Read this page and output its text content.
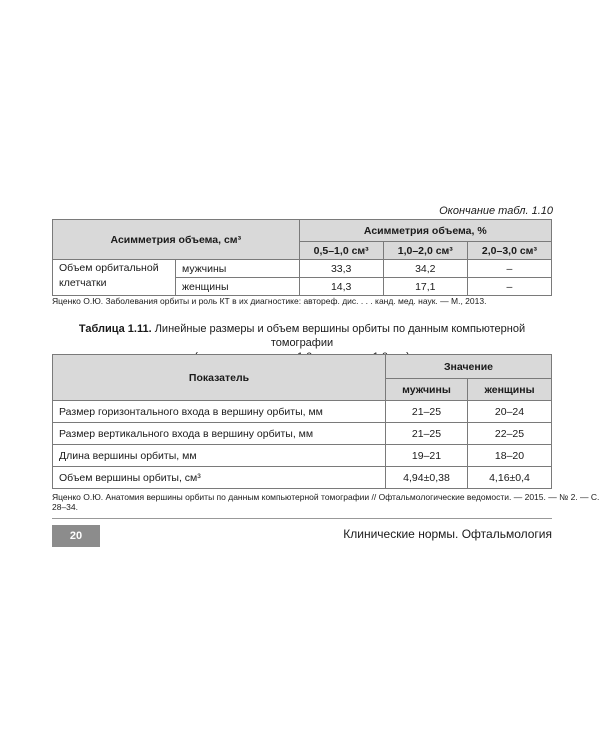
Окончание табл. 1.10
Асимметрия объема, см³		Асимметрия объема, %		
		0,5–1,0 см³	1,0–2,0 см³	2,0–3,0 см³
Объем орбитальной клетчатки	мужчины	33,3	34,2	–
	женщины	14,3	17,1	–
Яценко О.Ю. Заболевания орбиты и роль КТ в их диагностике: автореф. дис. . . . канд. мед. наук. — М., 2013.
Таблица 1.11. Линейные размеры и объем вершины орбиты по данным компьютерной томографии
Показатель	Значение	
	мужчины	женщины
Размер горизонтального входа в вершину орбиты, мм	21–25	20–24
Размер вертикального входа в вершину орбиты, мм	21–25	22–25
Длина вершины орбиты, мм	19–21	18–20
Объем вершины орбиты, см³	4,94±0,38	4,16±0,4
Яценко О.Ю. Анатомия вершины орбиты по данным компьютерной томографии // Офтальмологические ведомости. — 2015. — № 2. — С. 28–34.
20	Клинические нормы. Офтальмология
